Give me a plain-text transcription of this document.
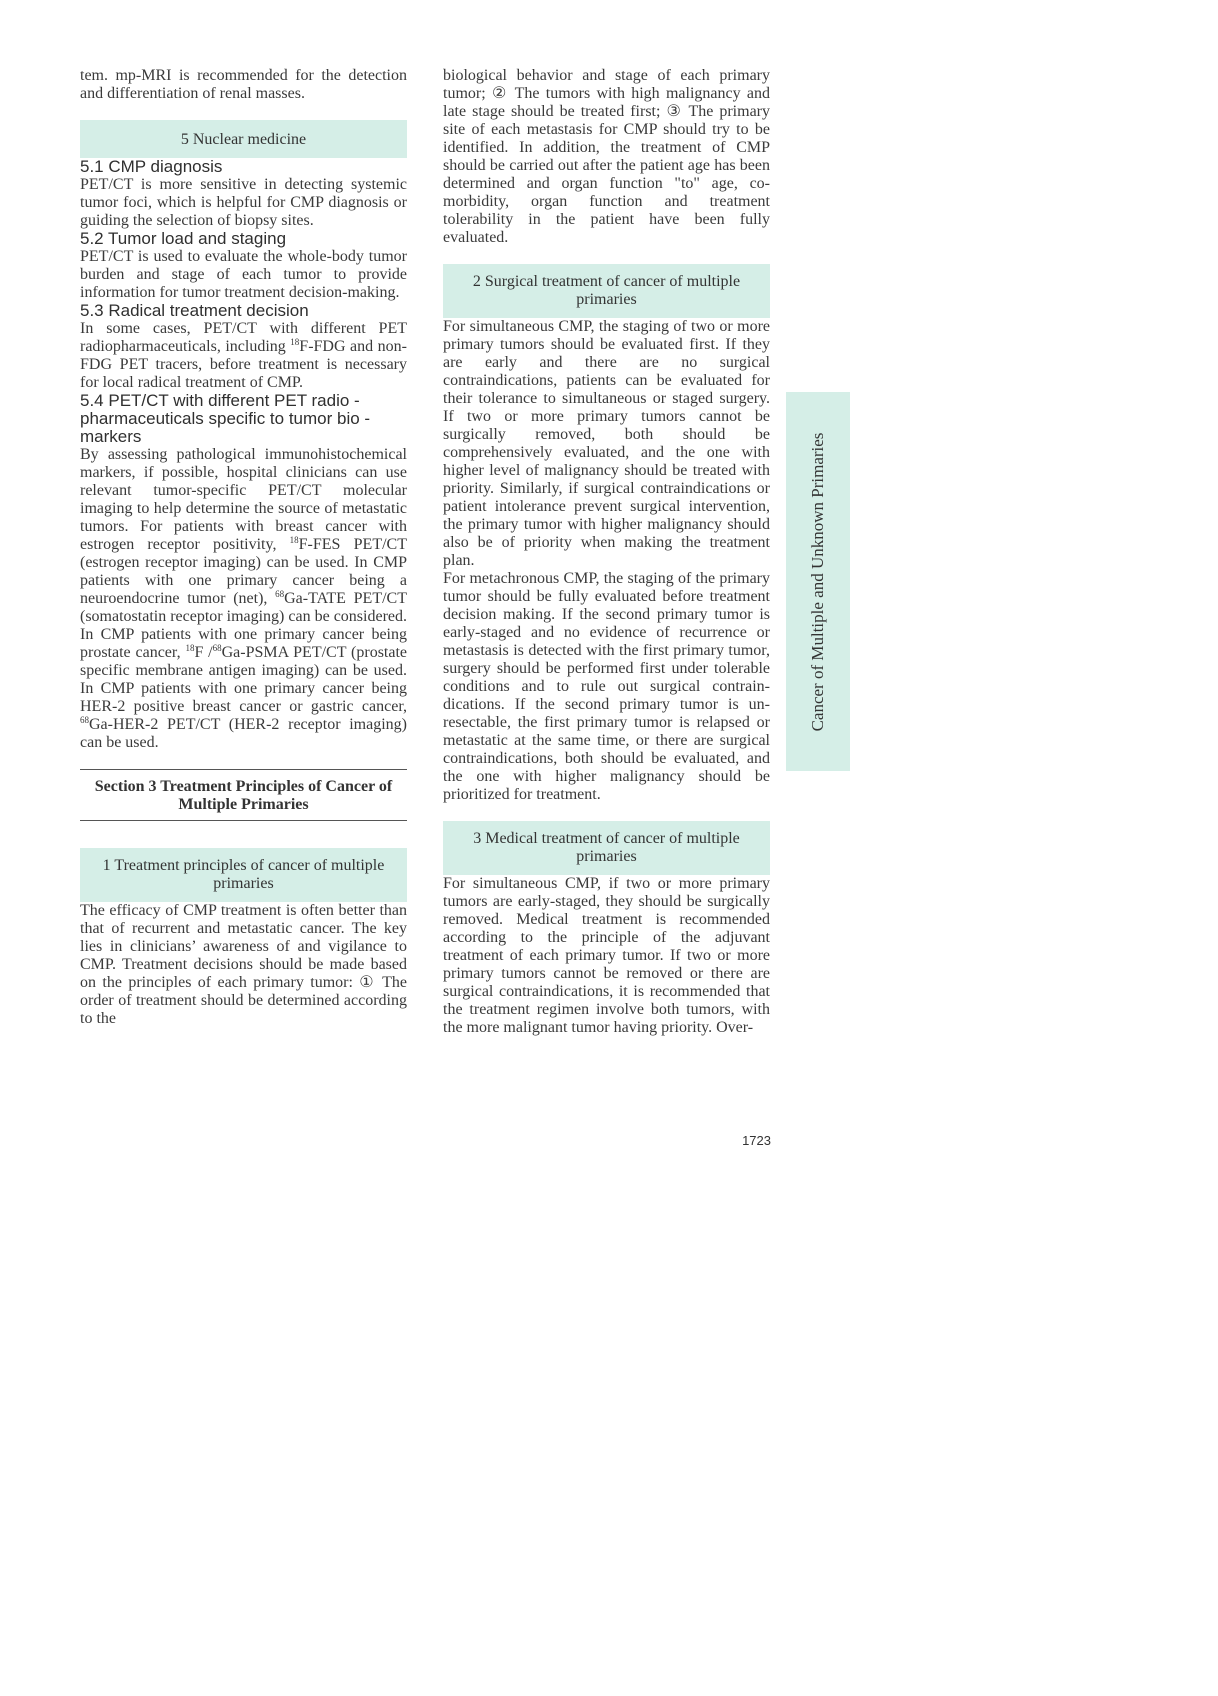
tem. mp-MRI is recommended for the detection and differentiation of renal masses.

5 Nuclear medicine

5.1 CMP diagnosis

PET/CT is more sensitive in detecting systemic tumor foci, which is helpful for CMP diagnosis or guiding the selection of biopsy sites.

5.2 Tumor load and staging

PET/CT is used to evaluate the whole-body tumor burden and stage of each tumor to provide information for tumor treatment decision-making.

5.3 Radical treatment decision

In some cases, PET/CT with different PET radiopharmaceuticals, including $^{18}$F-FDG and non-FDG PET tracers, before treatment is necessary for local radical treatment of CMP.

5.4 PET/CT with different PET radio - pharmaceuticals specific to tumor bio - markers

By assessing pathological immunohistochemical markers, if possible, hospital clinicians can use relevant tumor-specific PET/CT molecular imaging to help determine the source of metastatic tumors. For patients with breast cancer with estrogen receptor positivity, $^{18}$F-FES PET/CT (estrogen receptor imaging) can be used. In CMP patients with one primary cancer being a neuroendocrine tumor (net), $^{68}$Ga-TATE PET/CT (somatostatin receptor imaging) can be considered. In CMP patients with one primary cancer being prostate cancer, $^{18}$F /$^{68}$Ga-PSMA PET/CT (prostate specific membrane antigen imaging) can be used. In CMP patients with one primary cancer being HER-2 positive breast cancer or gastric cancer, $^{68}$Ga-HER-2 PET/CT (HER-2 receptor imaging) can be used.

Section 3 Treatment Principles of Cancer of Multiple Primaries
1 Treatment principles of cancer of multiple primaries

The efficacy of CMP treatment is often better than that of recurrent and metastatic cancer. The key lies in clinicians’ awareness of and vigilance to CMP. Treatment decisions should be made based on the principles of each primary tumor: ① The order of treatment should be determined according to the

biological behavior and stage of each primary tumor; ② The tumors with high malignancy and late stage should be treated first; ③ The primary site of each metastasis for CMP should try to be identified. In addition, the treatment of CMP should be carried out after the patient age has been determined and organ function "to" age, co-morbidity, organ function and treatment tolerability in the patient have been fully evaluated.

2 Surgical treatment of cancer of multiple primaries

For simultaneous CMP, the staging of two or more primary tumors should be evaluated first. If they are early and there are no surgical contraindications, patients can be evaluated for their tolerance to simultaneous or staged surgery. If two or more primary tumors cannot be surgically removed, both should be comprehensively evaluated, and the one with higher level of malignancy should be treated with priority. Similarly, if surgical contraindications or patient intolerance prevent surgical intervention, the primary tumor with higher malignancy should also be of priority when making the treatment plan.

For metachronous CMP, the staging of the primary tumor should be fully evaluated before treatment decision making. If the second primary tumor is early-staged and no evidence of recurrence or metastasis is detected with the first primary tumor, surgery should be performed first under tolerable conditions and to rule out surgical contraindications. If the second primary tumor is unresectable, the first primary tumor is relapsed or metastatic at the same time, or there are surgical contraindications, both should be evaluated, and the one with higher malignancy should be prioritized for treatment.

3 Medical treatment of cancer of multiple primaries

For simultaneous CMP, if two or more primary tumors are early-staged, they should be surgically removed. Medical treatment is recommended according to the principle of the adjuvant treatment of each primary tumor. If two or more primary tumors cannot be removed or there are surgical contraindications, it is recommended that the treatment regimen involve both tumors, with the more malignant tumor having priority. Over-

Cancer of Multiple and Unknown Primaries
1723
